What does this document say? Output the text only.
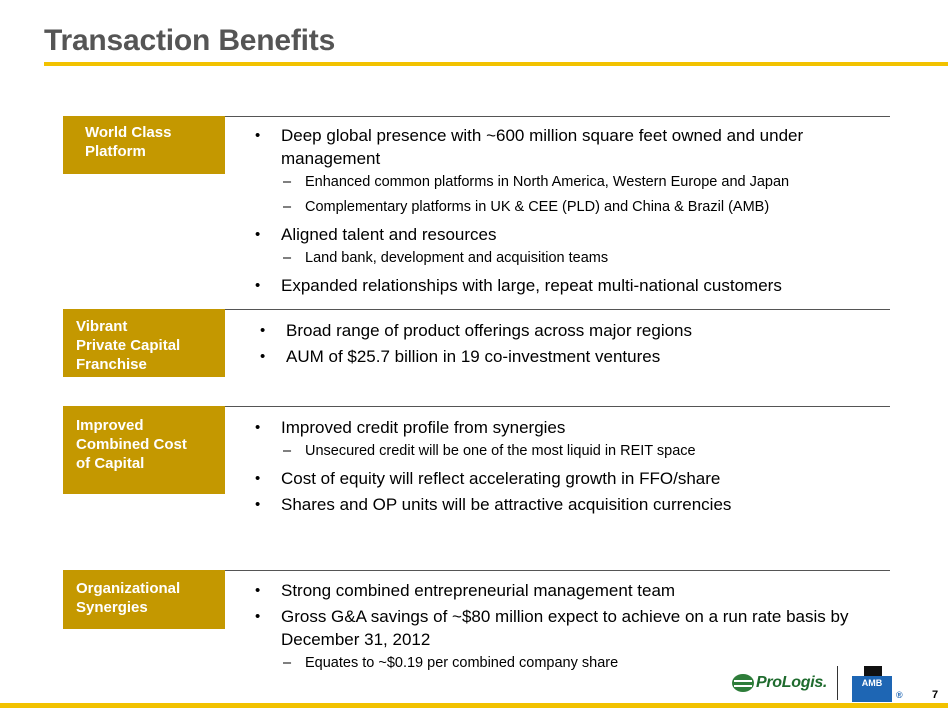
Transaction Benefits
World Class
Platform
• Deep global presence with ~600 million square feet owned and under management
– Enhanced common platforms in North America, Western Europe and Japan
– Complementary platforms in UK & CEE (PLD) and China & Brazil (AMB)
• Aligned talent and resources
– Land bank, development and acquisition teams
• Expanded relationships with large, repeat multi-national customers
Vibrant
Private Capital
Franchise
• Broad range of product offerings across major regions
• AUM of $25.7 billion in 19 co-investment ventures
Improved
Combined Cost
of Capital
• Improved credit profile from synergies
– Unsecured credit will be one of the most liquid in REIT space
• Cost of equity will reflect accelerating growth in FFO/share
• Shares and OP units will be attractive acquisition currencies
Organizational
Synergies
• Strong combined entrepreneurial management team
• Gross G&A savings of ~$80 million expect to achieve on a run rate basis by December 31, 2012
– Equates to ~$0.19 per combined company share
ProLogis.	AMB
®	7
